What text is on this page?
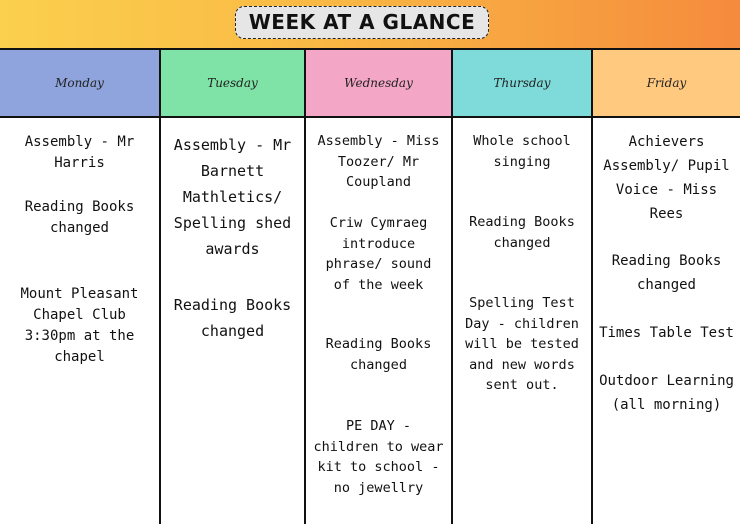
WEEK AT A GLANCE
Monday
Assembly - Mr
Harris
Reading Books
changed
Mount Pleasant
Chapel Club
3:30pm at the
chapel
Tuesday
Assembly - Mr
Barnett
Mathletics/
Spelling shed
awards
Reading Books
changed
Wednesday
Assembly - Miss
Toozer/ Mr
Coupland
Criw Cymraeg
introduce
phrase/ sound
of the week
Reading Books
changed
PE DAY -
children to wear
kit to school -
no jewellry
Thursday
Whole school
singing
Reading Books
changed
Spelling Test
Day - children
will be tested
and new words
sent out.
Friday
Achievers
Assembly/ Pupil
Voice - Miss Rees
Reading Books
changed
Times Table Test
Outdoor Learning
(all morning)
